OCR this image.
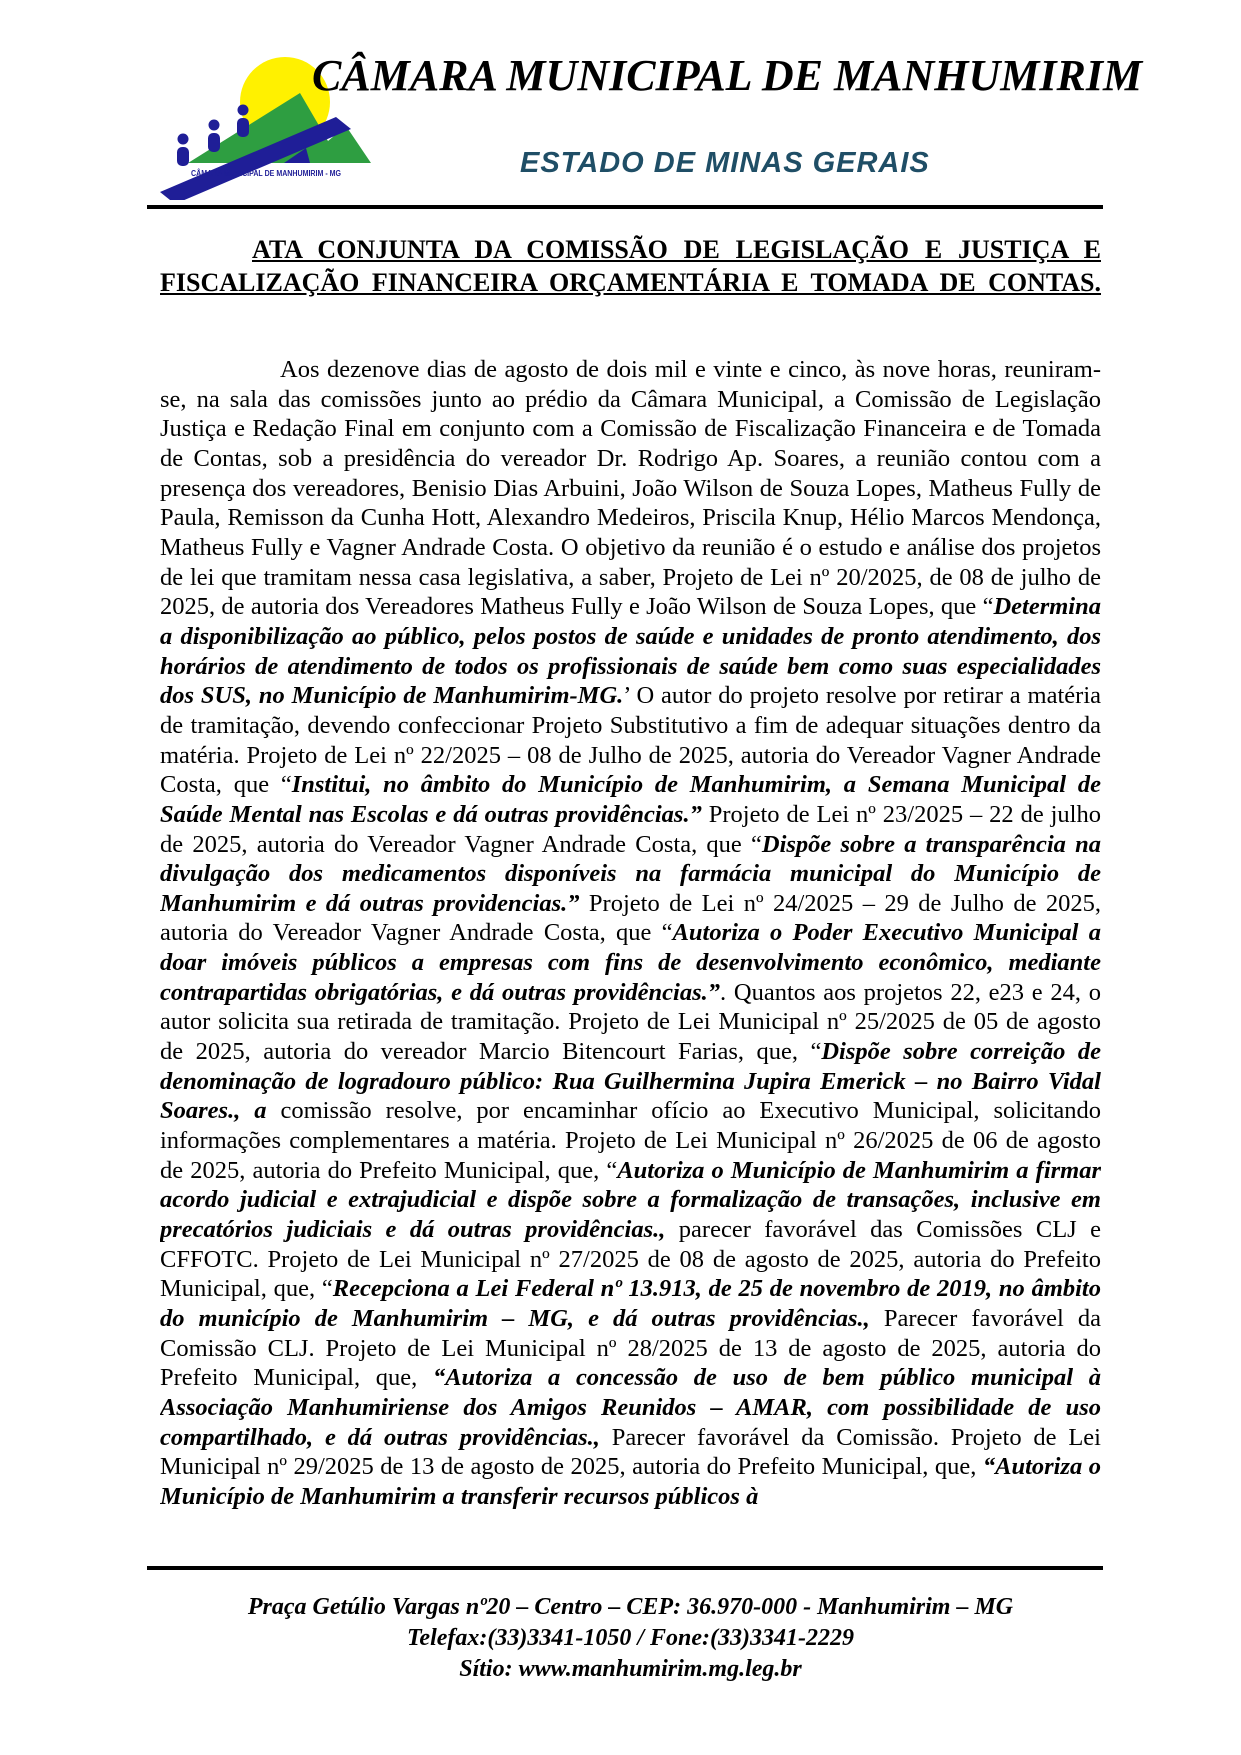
CÂMARA MUNICIPAL DE MANHUMIRIM - MG
CÂMARA MUNICIPAL DE MANHUMIRIM
ESTADO DE MINAS GERAIS
ATA CONJUNTA DA COMISSÃO DE LEGISLAÇÃO E JUSTIÇA E FISCALIZAÇÃO FINANCEIRA ORÇAMENTÁRIA E TOMADA DE CONTAS.

Aos dezenove dias de agosto de dois mil e vinte e cinco, às nove horas, reuniram-se, na sala das comissões junto ao prédio da Câmara Municipal, a Comissão de Legislação Justiça e Redação Final em conjunto com a Comissão de Fiscalização Financeira e de Tomada de Contas, sob a presidência do vereador Dr. Rodrigo Ap. Soares, a reunião contou com a presença dos vereadores, Benisio Dias Arbuini, João Wilson de Souza Lopes, Matheus Fully de Paula, Remisson da Cunha Hott, Alexandro Medeiros, Priscila Knup, Hélio Marcos Mendonça, Matheus Fully e Vagner Andrade Costa. O objetivo da reunião é o estudo e análise dos projetos de lei que tramitam nessa casa legislativa, a saber, Projeto de Lei nº 20/2025, de 08 de julho de 2025, de autoria dos Vereadores Matheus Fully e João Wilson de Souza Lopes, que “Determina a disponibilização ao público, pelos postos de saúde e unidades de pronto atendimento, dos horários de atendimento de todos os profissionais de saúde bem como suas especialidades dos SUS, no Município de Manhumirim-MG.’ O autor do projeto resolve por retirar a matéria de tramitação, devendo confeccionar Projeto Substitutivo a fim de adequar situações dentro da matéria. Projeto de Lei nº 22/2025 – 08 de Julho de 2025, autoria do Vereador Vagner Andrade Costa, que “Institui, no âmbito do Município de Manhumirim, a Semana Municipal de Saúde Mental nas Escolas e dá outras providências.” Projeto de Lei nº 23/2025 – 22 de julho de 2025, autoria do Vereador Vagner Andrade Costa, que “Dispõe sobre a transparência na divulgação dos medicamentos disponíveis na farmácia municipal do Município de Manhumirim e dá outras providencias.” Projeto de Lei nº 24/2025 – 29 de Julho de 2025, autoria do Vereador Vagner Andrade Costa, que “Autoriza o Poder Executivo Municipal a doar imóveis públicos a empresas com fins de desenvolvimento econômico, mediante contrapartidas obrigatórias, e dá outras providências.”. Quantos aos projetos 22, e23 e 24, o autor solicita sua retirada de tramitação. Projeto de Lei Municipal nº 25/2025 de 05 de agosto de 2025, autoria do vereador Marcio Bitencourt Farias, que, “Dispõe sobre correição de denominação de logradouro público: Rua Guilhermina Jupira Emerick – no Bairro Vidal Soares., a comissão resolve, por encaminhar ofício ao Executivo Municipal, solicitando informações complementares a matéria. Projeto de Lei Municipal nº 26/2025 de 06 de agosto de 2025, autoria do Prefeito Municipal, que, “Autoriza o Município de Manhumirim a firmar acordo judicial e extrajudicial e dispõe sobre a formalização de transações, inclusive em precatórios judiciais e dá outras providências., parecer favorável das Comissões CLJ e CFFOTC. Projeto de Lei Municipal nº 27/2025 de 08 de agosto de 2025, autoria do Prefeito Municipal, que, “Recepciona a Lei Federal nº 13.913, de 25 de novembro de 2019, no âmbito do município de Manhumirim – MG, e dá outras providências., Parecer favorável da Comissão CLJ. Projeto de Lei Municipal nº 28/2025 de 13 de agosto de 2025, autoria do Prefeito Municipal, que, “Autoriza a concessão de uso de bem público municipal à Associação Manhumiriense dos Amigos Reunidos – AMAR, com possibilidade de uso compartilhado, e dá outras providências., Parecer favorável da Comissão. Projeto de Lei Municipal nº 29/2025 de 13 de agosto de 2025, autoria do Prefeito Municipal, que, “Autoriza o Município de Manhumirim a transferir recursos públicos à

Praça Getúlio Vargas nº20 – Centro – CEP: 36.970-000 - Manhumirim – MG
Telefax:(33)3341-1050 / Fone:(33)3341-2229
Sítio: www.manhumirim.mg.leg.br
